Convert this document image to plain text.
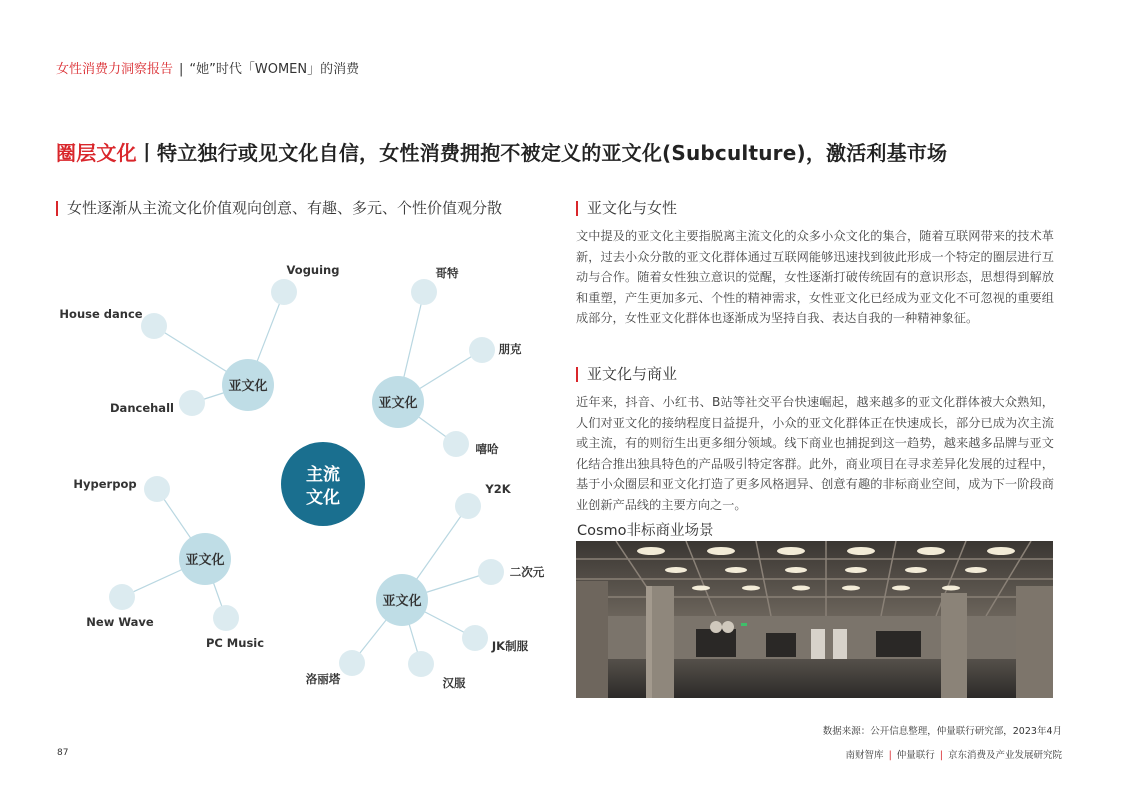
女性消费力洞察报告 | “她”时代「WOMEN」的消费
圈层文化丨特立独行或见文化自信，女性消费拥抱不被定义的亚文化(Subculture)，激活利基市场
女性逐渐从主流文化价值观向创意、有趣、多元、个性价值观分散
主流
文化
亚文化
亚文化
亚文化
亚文化
Voguing
House dance
Dancehall
哥特
朋克
嘻哈
Hyperpop
New Wave
PC Music
Y2K
二次元
JK制服
汉服
洛丽塔
亚文化与女性
文中提及的亚文化主要指脱离主流文化的众多小众文化的集合，随着互联网带来的技术革新，过去小众分散的亚文化群体通过互联网能够迅速找到彼此形成一个特定的圈层进行互动与合作。随着女性独立意识的觉醒，女性逐渐打破传统固有的意识形态，思想得到解放和重塑，产生更加多元、个性的精神需求，女性亚文化已经成为亚文化不可忽视的重要组成部分，女性亚文化群体也逐渐成为坚持自我、表达自我的一种精神象征。
亚文化与商业
近年来，抖音、小红书、B站等社交平台快速崛起，越来越多的亚文化群体被大众熟知，人们对亚文化的接纳程度日益提升，小众的亚文化群体正在快速成长，部分已成为次主流或主流，有的则衍生出更多细分领域。线下商业也捕捉到这一趋势，越来越多品牌与亚文化结合推出独具特色的产品吸引特定客群。此外，商业项目在寻求差异化发展的过程中，基于小众圈层和亚文化打造了更多风格迥异、创意有趣的非标商业空间，成为下一阶段商业创新产品线的主要方向之一。
Cosmo非标商业场景
数据来源：公开信息整理，仲量联行研究部，2023年4月
87	南财智库 | 仲量联行 | 京东消费及产业发展研究院
